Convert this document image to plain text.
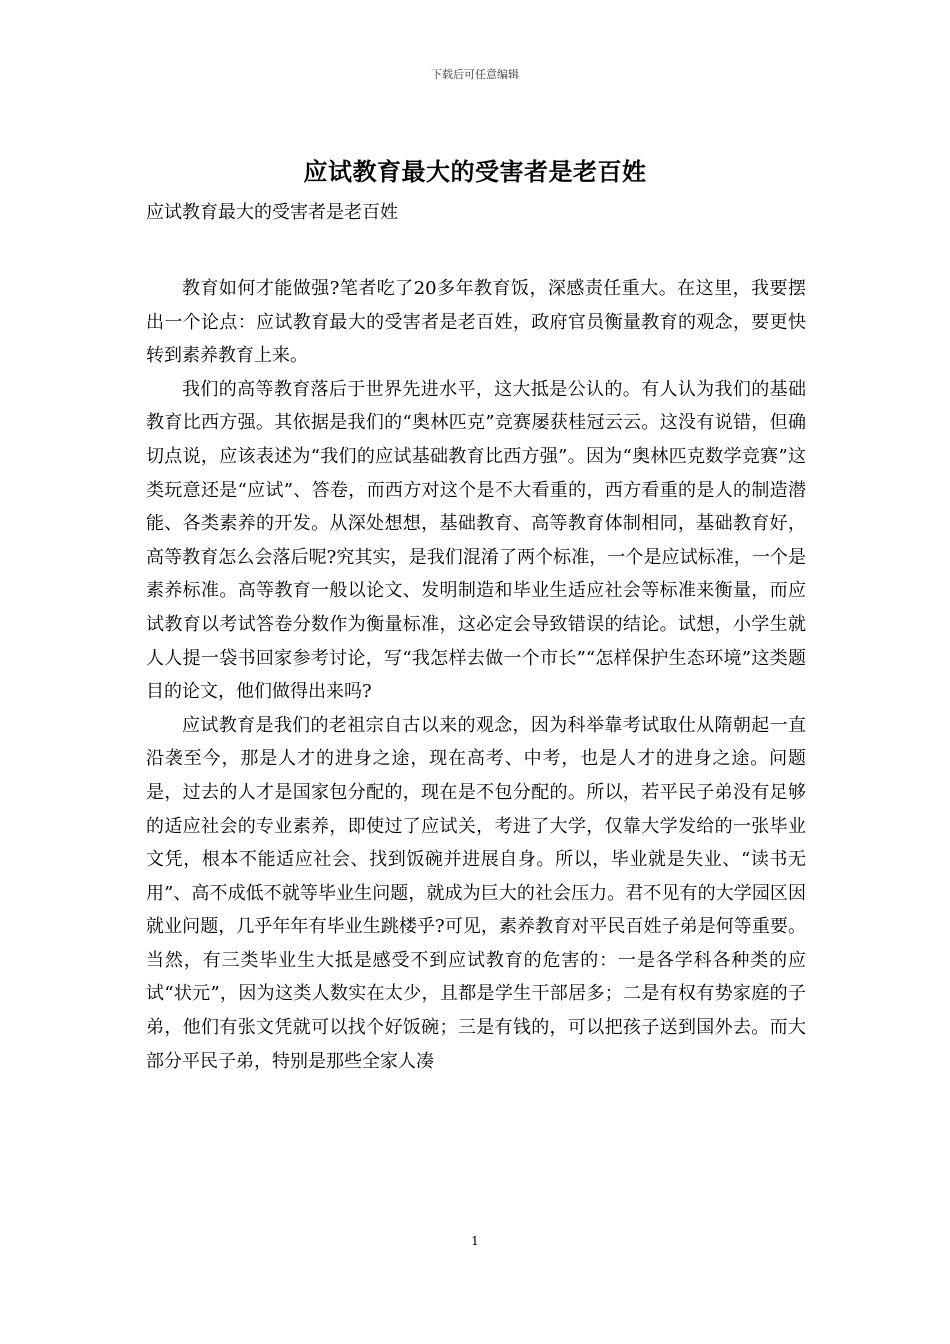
下载后可任意编辑
应试教育最大的受害者是老百姓
应试教育最大的受害者是老百姓

教育如何才能做强?笔者吃了20多年教育饭，深感责任重大。在这里，我要摆出一个论点：应试教育最大的受害者是老百姓，政府官员衡量教育的观念，要更快转到素养教育上来。

我们的高等教育落后于世界先进水平，这大抵是公认的。有人认为我们的基础教育比西方强。其依据是我们的“奥林匹克”竞赛屡获桂冠云云。这没有说错，但确切点说，应该表述为“我们的应试基础教育比西方强”。因为“奥林匹克数学竞赛”这类玩意还是“应试”、答卷，而西方对这个是不大看重的，西方看重的是人的制造潜能、各类素养的开发。从深处想想，基础教育、高等教育体制相同，基础教育好，高等教育怎么会落后呢?究其实，是我们混淆了两个标准，一个是应试标准，一个是素养标准。高等教育一般以论文、发明制造和毕业生适应社会等标准来衡量，而应试教育以考试答卷分数作为衡量标准，这必定会导致错误的结论。试想，小学生就人人提一袋书回家参考讨论，写“我怎样去做一个市长”“怎样保护生态环境”这类题目的论文，他们做得出来吗?

应试教育是我们的老祖宗自古以来的观念，因为科举靠考试取仕从隋朝起一直沿袭至今，那是人才的进身之途，现在高考、中考，也是人才的进身之途。问题是，过去的人才是国家包分配的，现在是不包分配的。所以，若平民子弟没有足够的适应社会的专业素养，即使过了应试关，考进了大学，仅靠大学发给的一张毕业文凭，根本不能适应社会、找到饭碗并进展自身。所以，毕业就是失业、“读书无用”、高不成低不就等毕业生问题，就成为巨大的社会压力。君不见有的大学园区因就业问题，几乎年年有毕业生跳楼乎?可见，素养教育对平民百姓子弟是何等重要。当然，有三类毕业生大抵是感受不到应试教育的危害的：一是各学科各种类的应试“状元”，因为这类人数实在太少，且都是学生干部居多；二是有权有势家庭的子弟，他们有张文凭就可以找个好饭碗；三是有钱的，可以把孩子送到国外去。而大部分平民子弟，特别是那些全家人凑

1
